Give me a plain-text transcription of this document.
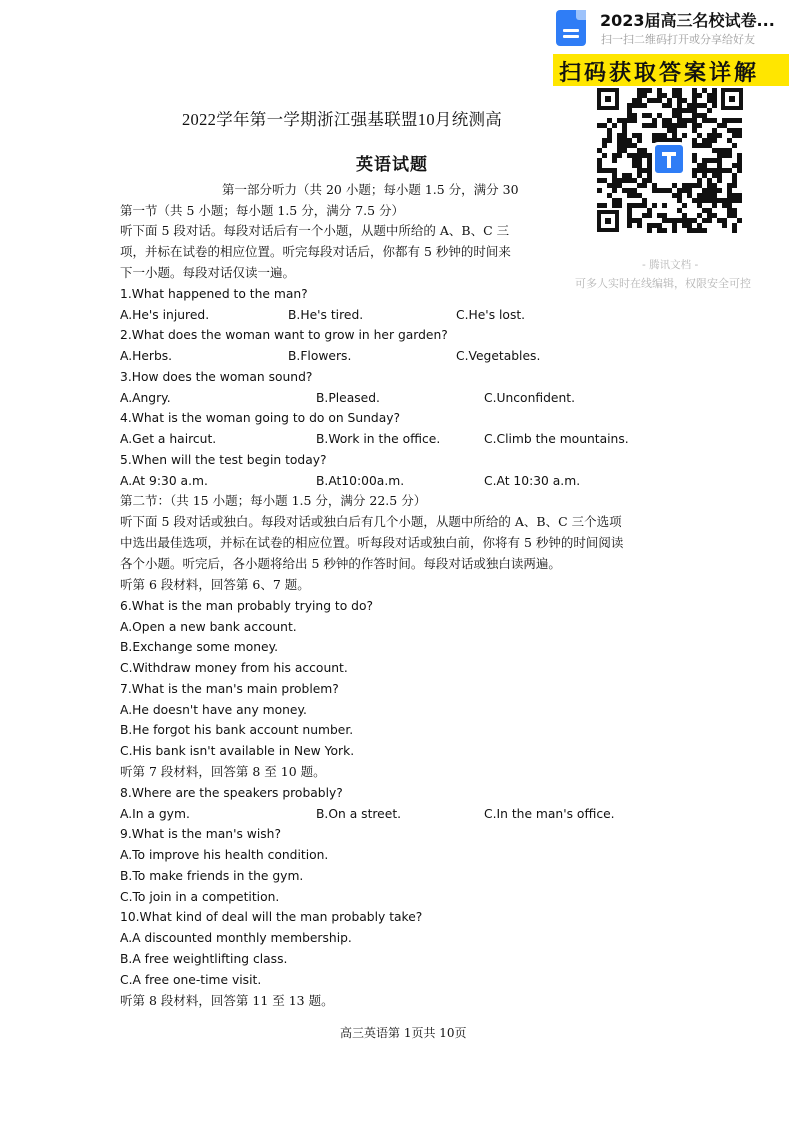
2022学年第一学期浙江强基联盟10月统测高
英语试题
第一部分听力（共 20 小题；每小题 1.5 分，满分 30
第一节（共 5 小题；每小题 1.5 分，满分 7.5 分）
听下面 5 段对话。每段对话后有一个小题，从题中所给的 A、B、C 三
项，并标在试卷的相应位置。听完每段对话后，你都有 5 秒钟的时间来
下一小题。每段对话仅读一遍。
1.What happened to the man?
A.He's injured.	B.He's tired.	C.He's lost.
2.What does the woman want to grow in her garden?
A.Herbs.	B.Flowers.	C.Vegetables.
3.How does the woman sound?
A.Angry.	B.Pleased.	C.Unconfident.
4.What is the woman going to do on Sunday?
A.Get a haircut.	B.Work in the office.	C.Climb the mountains.
5.When will the test begin today?
A.At 9:30 a.m.	B.At10:00a.m.	C.At 10:30 a.m.
第二节：（共 15 小题；每小题 1.5 分，满分 22.5 分）
听下面 5 段对话或独白。每段对话或独白后有几个小题，从题中所给的 A、B、C 三个选项
中选出最佳选项，并标在试卷的相应位置。听每段对话或独白前，你将有 5 秒钟的时间阅读
各个小题。听完后，各小题将给出 5 秒钟的作答时间。每段对话或独白读两遍。
听第 6 段材料，回答第 6、7 题。
6.What is the man probably trying to do?
A.Open a new bank account.
B.Exchange some money.
C.Withdraw money from his account.
7.What is the man's main problem?
A.He doesn't have any money.
B.He forgot his bank account number.
C.His bank isn't available in New York.
听第 7 段材料，回答第 8 至 10 题。
8.Where are the speakers probably?
A.In a gym.	B.On a street.	C.In the man's office.
9.What is the man's wish?
A.To improve his health condition.
B.To make friends in the gym.
C.To join in a competition.
10.What kind of deal will the man probably take?
A.A discounted monthly membership.
B.A free weightlifting class.
C.A free one-time visit.
听第 8 段材料，回答第 11 至 13 题。
高三英语第 1页共 10页
2023届高三名校试卷...
扫一扫二维码打开或分享给好友
扫码获取答案详解
- 腾讯文档 -
可多人实时在线编辑，权限安全可控
